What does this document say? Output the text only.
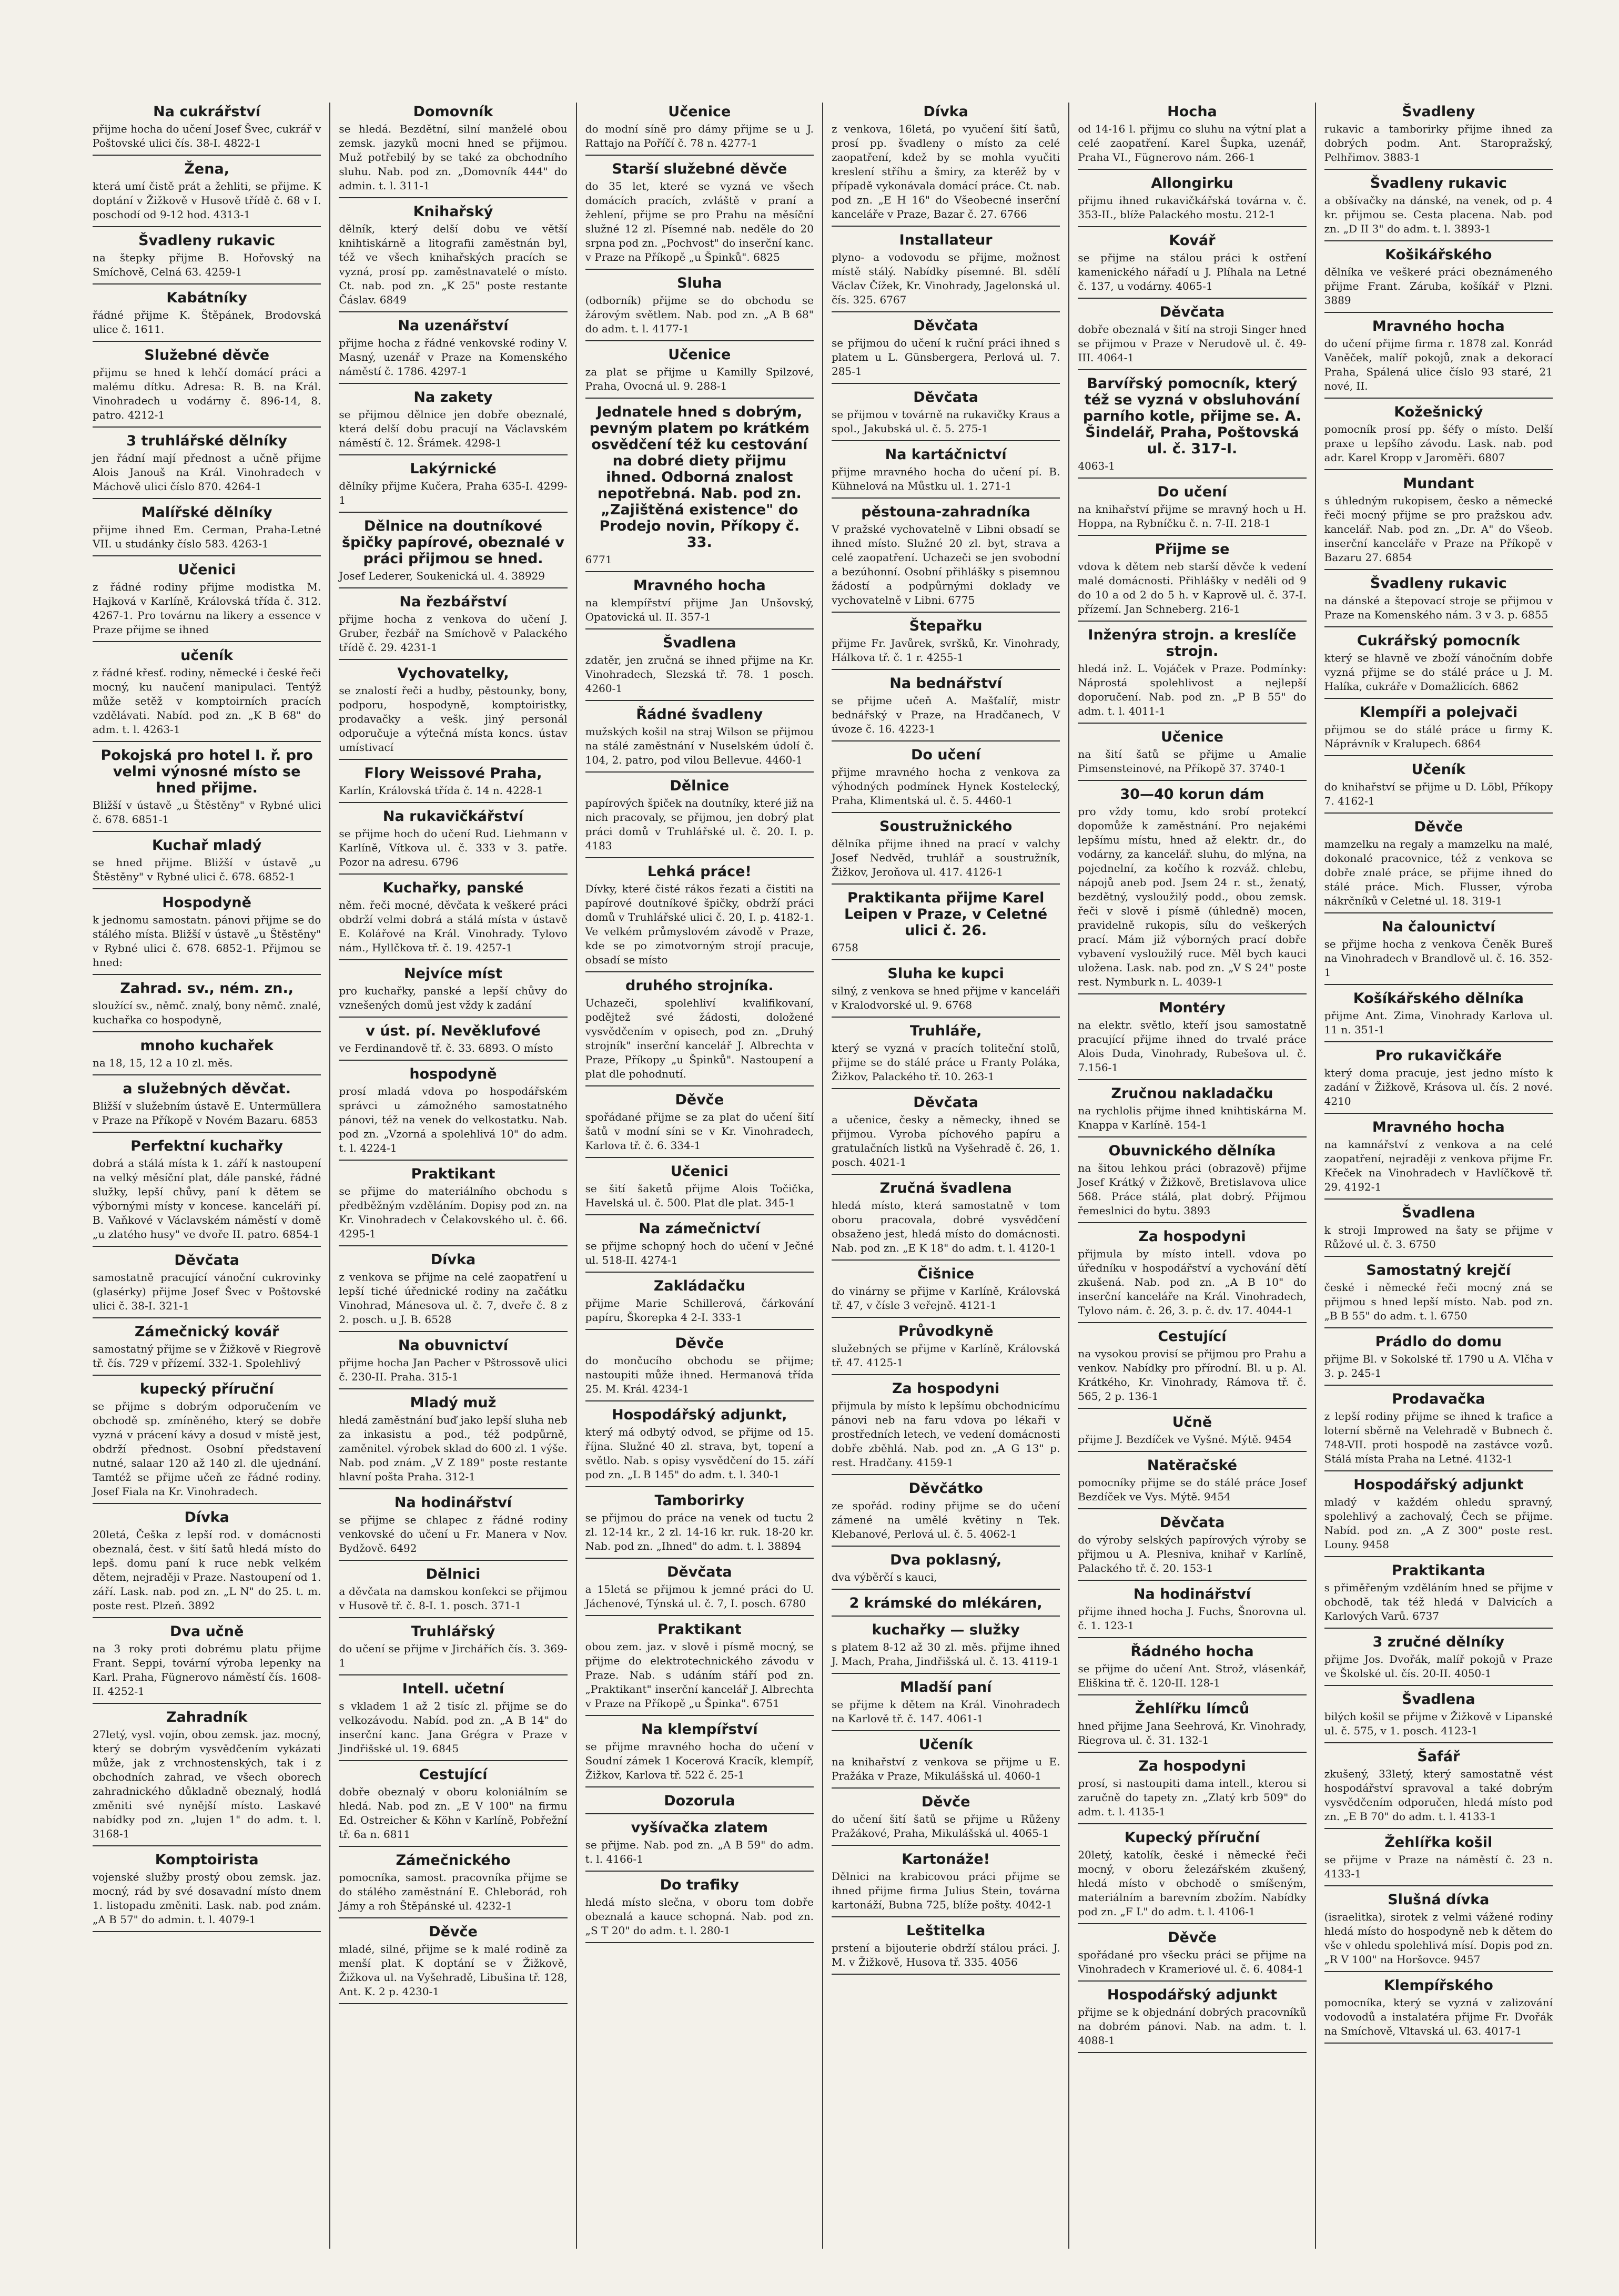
Na cukrářství

přijme hocha do učení Josef Švec, cukrář v Poštovské ulici čís. 38-I. 4822-1

Žena,

která umí čistě prát a žehliti, se přijme. K doptání v Žižkově v Husově třídě č. 68 v I. poschodí od 9-12 hod. 4313-1

Švadleny rukavic

na štepky přijme B. Hořovský na Smíchově, Celná 63. 4259-1

Kabátníky

řádné přijme K. Štěpánek, Brodovská ulice č. 1611.

Služebné děvče

přijmu se hned k lehčí domácí práci a malému dítku. Adresa: R. B. na Král. Vinohradech u vodárny č. 896-14, 8. patro. 4212-1

3 truhlářské dělníky

jen řádní mají přednost a učně přijme Alois Janouš na Král. Vinohradech v Máchově ulici číslo 870. 4264-1

Malířské dělníky

přijme ihned Em. Cerman, Praha-Letné VII. u studánky číslo 583. 4263-1

Učenici

z řádné rodiny přijme modistka M. Hajková v Karlíně, Královská třída č. 312. 4267-1. Pro továrnu na likery a essence v Praze přijme se ihned

učeník

z řádné křesť. rodiny, německé i české řeči mocný, ku naučení manipulaci. Tentýž může setěž v komptoirních pracích vzdělávati. Nabíd. pod zn. „K B 68" do adm. t. l. 4263-1

Pokojská pro hotel I. ř. pro velmi výnosné místo se hned přijme.

Bližší v ústavě „u Štěstěny" v Rybné ulici č. 678. 6851-1

Kuchař mladý

se hned přijme. Bližší v ústavě „u Štěstěny" v Rybné ulici č. 678. 6852-1

Hospodyně

k jednomu samostatn. pánovi přijme se do stálého místa. Bližší v ústavě „u Štěstěny" v Rybné ulici č. 678. 6852-1. Přijmou se hned:

Zahrad. sv., ném. zn.,

sloužící sv., němč. znalý, bony němč. znalé, kuchařka co hospodyně,

mnoho kuchařek

na 18, 15, 12 a 10 zl. měs.

a služebných děvčat.

Bližší v služebním ústavě E. Untermüllera v Praze na Příkopě v Novém Bazaru. 6853

Perfektní kuchařky

dobrá a stálá místa k 1. září k nastoupení na velký měsíční plat, dále panské, řádné služky, lepší chůvy, paní k dětem se výbornými místy v koncese. kanceláři pí. B. Vaňkové v Václavském náměstí v domě „u zlatého husy" ve dvoře II. patro. 6854-1

Děvčata

samostatně pracující vánoční cukrovinky (glasérky) přijme Josef Švec v Poštovské ulici č. 38-I. 321-1

Zámečnický kovář

samostatný přijme se v Žižkově v Riegrově tř. čís. 729 v přízemí. 332-1. Spolehlivý

kupecký příruční

se přijme s dobrým odporučením ve obchodě sp. zmíněného, který se dobře vyzná v prácení kávy a dosud v místě jest, obdrží přednost. Osobní představení nutné, salaar 120 až 140 zl. dle ujednání. Tamtéž se přijme učeň ze řádné rodiny. Josef Fiala na Kr. Vinohradech.

Dívka

20letá, Češka z lepší rod. v domácnosti obeznalá, čest. v šití šatů hledá místo do lepš. domu paní k ruce nebk velkém dětem, nejraději v Praze. Nastoupení od 1. září. Lask. nab. pod zn. „L N" do 25. t. m. poste rest. Plzeň. 3892

Dva učně

na 3 roky proti dobrému platu přijme Frant. Seppi, tovární výroba lepenky na Karl. Praha, Fügnerovo náměstí čís. 1608-II. 4252-1

Zahradník

27letý, vysl. vojín, obou zemsk. jaz. mocný, který se dobrým vysvědčením vykázati může, jak z vrchnostenských, tak i z obchodních zahrad, ve všech oborech zahradnického důkladně obeznalý, hodlá změniti své nynější místo. Laskavé nabídky pod zn. „lujen 1" do adm. t. l. 3168-1

Komptoirista

vojenské služby prostý obou zemsk. jaz. mocný, rád by své dosavadní místo dnem 1. listopadu změniti. Lask. nab. pod znám. „A B 57" do admin. t. l. 4079-1

Domovník

se hledá. Bezdětní, silní manželé obou zemsk. jazyků mocni hned se přijmou. Muž potřebilý by se také za obchodního sluhu. Nab. pod zn. „Domovník 444" do admin. t. l. 311-1

Knihařský

dělník, který delší dobu ve větší knihtiskárně a litografii zaměstnán byl, též ve všech knihařských pracích se vyzná, prosí pp. zaměstnavatelé o místo. Ct. nab. pod zn. „K 25" poste restante Čáslav. 6849

Na uzenářství

přijme hocha z řádné venkovské rodiny V. Masný, uzenář v Praze na Komenského náměstí č. 1786. 4297-1

Na zakety

se přijmou dělnice jen dobře obeznalé, která delší dobu pracují na Václavském náměstí č. 12. Šrámek. 4298-1

Lakýrnické

dělníky přijme Kučera, Praha 635-I. 4299-1

Dělnice na doutníkové špičky papírové, obeznalé v práci přijmou se hned.

Josef Lederer, Soukenická ul. 4. 38929

Na řezbářství

přijme hocha z venkova do učení J. Gruber, řezbář na Smíchově v Palackého třídě č. 29. 4231-1

Vychovatelky,

se znalostí řeči a hudby, pěstounky, bony, podporu, hospodyně, komptoiristky, prodavačky a vešk. jiný personál odporučuje a výtečná místa koncs. ústav umístivací

Flory Weissové Praha,

Karlín, Královská třída č. 14 n. 4228-1

Na rukavičkářství

se přijme hoch do učení Rud. Liehmann v Karlíně, Vítkova ul. č. 333 v 3. patře. Pozor na adresu. 6796

Kuchařky, panské

něm. řeči mocné, děvčata k veškeré práci obdrží velmi dobrá a stálá místa v ústavě E. Kolářové na Král. Vinohrady. Tylovo nám., Hyllčkova tř. č. 19. 4257-1

Nejvíce míst

pro kuchařky, panské a lepší chůvy do vznešených domů jest vždy k zadání

v úst. pí. Nevěklufové

ve Ferdinandově tř. č. 33. 6893. O místo

hospodyně

prosí mladá vdova po hospodářském správci u zámožného samostatného pánovi, též na venek do velkostatku. Nab. pod zn. „Vzorná a spolehlivá 10" do adm. t. l. 4224-1

Praktikant

se přijme do materiálního obchodu s předběžným vzděláním. Dopisy pod zn. na Kr. Vinohradech v Čelakovského ul. č. 66. 4295-1

Dívka

z venkova se přijme na celé zaopatření u lepší tiché úřednické rodiny na začátku Vinohrad, Mánesova ul. č. 7, dveře č. 8 z 2. posch. u J. B. 6528

Na obuvnictví

přijme hocha Jan Pacher v Pštrossově ulici č. 230-II. Praha. 315-1

Mladý muž

hledá zaměstnání buď jako lepší sluha neb za inkasistu a pod., též podpůrně, zaměnitel. výrobek sklad do 600 zl. 1 výše. Nab. pod znám. „V Z 189" poste restante hlavní pošta Praha. 312-1

Na hodinářství

se přijme se chlapec z řádné rodiny venkovské do učení u Fr. Manera v Nov. Bydžově. 6492

Dělnici

a děvčata na damskou konfekci se přijmou v Husově tř. č. 8-I. 1. posch. 371-1

Truhlářský

do učení se přijme v Jirchářích čís. 3. 369-1

Intell. učetní

s vkladem 1 až 2 tisíc zl. přijme se do velkozávodu. Nabíd. pod zn. „A B 14" do inserční kanc. Jana Grégra v Praze v Jindřišské ul. 19. 6845

Cestující

dobře obeznalý v oboru koloniálním se hledá. Nab. pod zn. „E V 100" na firmu Ed. Ostreicher & Köhn v Karlíně, Pobřežní tř. 6a n. 6811

Zámečnického

pomocníka, samost. pracovníka přijme se do stálého zaměstnání E. Chleborád, roh Jámy a roh Štěpánské ul. 4232-1

Děvče

mladé, silné, přijme se k malé rodině za menší plat. K doptání se v Žižkově, Žižkova ul. na Vyšehradě, Libušina tř. 128, Ant. K. 2 p. 4230-1

Učenice

do modní síně pro dámy přijme se u J. Rattajo na Poříčí č. 78 n. 4277-1

Starší služebné děvče

do 35 let, které se vyzná ve všech domácích pracích, zvláště v praní a žehlení, přijme se pro Prahu na měsíční služné 12 zl. Písemné nab. neděle do 20 srpna pod zn. „Pochvost" do inserční kanc. v Praze na Příkopě „u Špinků". 6825

Sluha

(odborník) přijme se do obchodu se žárovým světlem. Nab. pod zn. „A B 68" do adm. t. l. 4177-1

Učenice

za plat se přijme u Kamilly Spilzové, Praha, Ovocná ul. 9. 288-1

Jednatele hned s dobrým, pevným platem po krátkém osvědčení též ku cestování na dobré diety přijmu ihned. Odborná znalost nepotřebná. Nab. pod zn. „Zajištěná existence" do Prodejo novin, Příkopy č. 33.

6771

Mravného hocha

na klempířství přijme Jan Unšovský, Opatovická ul. II. 357-1

Švadlena

zdatěr, jen zručná se ihned přijme na Kr. Vinohradech, Slezská tř. 78. 1 posch. 4260-1

Řádné švadleny

mužských košil na straj Wilson se přijmou na stálé zaměstnání v Nuselském údolí č. 104, 2. patro, pod vilou Bellevue. 4460-1

Dělnice

papírových špiček na doutníky, které již na nich pracovaly, se přijmou, jen dobrý plat práci domů v Truhlářské ul. č. 20. I. p. 4183

Lehká práce!

Dívky, které čisté rákos řezati a čistiti na papírové doutníkové špičky, obdrží práci domů v Truhlářské ulici č. 20, I. p. 4182-1. Ve velkém průmyslovém závodě v Praze, kde se po zimotvorným strojí pracuje, obsadí se místo

druhého strojníka.

Uchazeči, spolehliví kvalifikovaní, podějtež své žádosti, doložené vysvědčením v opisech, pod zn. „Druhý strojník" inserční kancelář J. Albrechta v Praze, Příkopy „u Špinků". Nastoupení a plat dle pohodnutí.

Děvče

spořádané přijme se za plat do učení šití šatů v modní síni se v Kr. Vinohradech, Karlova tř. č. 6. 334-1

Učenici

se šití šaketů přijme Alois Točička, Havelská ul. č. 500. Plat dle plat. 345-1

Na zámečnictví

se přijme schopný hoch do učení v Ječné ul. 518-II. 4274-1

Zakládačku

přijme Marie Schillerová, čárkování papíru, Škorepka 4 2-I. 333-1

Děvče

do mončucího obchodu se přijme; nastoupiti může ihned. Hermanová třída 25. M. Král. 4234-1

Hospodářský adjunkt,

který má odbytý odvod, se přijme od 15. října. Služné 40 zl. strava, byt, topení a světlo. Nab. s opisy vysvědčení do 15. září pod zn. „L B 145" do adm. t. l. 340-1

Tamborirky

se přijmou do práce na venek od tuctu 2 zl. 12-14 kr., 2 zl. 14-16 kr. ruk. 18-20 kr. Nab. pod zn. „Ihned" do adm. t. l. 38894

Děvčata

a 15letá se přijmou k jemné práci do U. Jáchenové, Týnská ul. č. 7, I. posch. 6780

Praktikant

obou zem. jaz. v slově i písmě mocný, se přijme do elektrotechnického závodu v Praze. Nab. s udáním stáří pod zn. „Praktikant" inserční kancelář J. Albrechta v Praze na Příkopě „u Špinka". 6751

Na klempířství

se přijme mravného hocha do učení v Soudní zámek 1 Kocerová Kracík, klempíř, Žižkov, Karlova tř. 522 č. 25-1

Dozorula

vyšívačka zlatem

se přijme. Nab. pod zn. „A B 59" do adm. t. l. 4166-1

Do trafiky

hledá místo slečna, v oboru tom dobře obeznalá a kauce schopná. Nab. pod zn. „S T 20" do adm. t. l. 280-1

Dívka

z venkova, 16letá, po vyučení šití šatů, prosí pp. švadleny o místo za celé zaopatření, kdež by se mohla vyučiti kreslení stříhu a šmiry, za kterěž by v případě vykonávala domácí práce. Ct. nab. pod zn. „E H 16" do Všeobecné inserční kanceláře v Praze, Bazar č. 27. 6766

Installateur

plyno- a vodovodu se přijme, možnost místě stálý. Nabídky písemné. Bl. sdělí Václav Čížek, Kr. Vinohrady, Jagelonská ul. čís. 325. 6767

Děvčata

se přijmou do učení k ruční práci ihned s platem u L. Günsbergera, Perlová ul. 7. 285-1

Děvčata

se přijmou v továrně na rukavičky Kraus a spol., Jakubská ul. č. 5. 275-1

Na kartáčnictví

přijme mravného hocha do učení pí. B. Kühnelová na Můstku ul. 1. 271-1

pěstouna-zahradníka

V pražské vychovatelně v Libni obsadí se ihned místo. Služné 20 zl. byt, strava a celé zaopatření. Uchazeči se jen svobodní a bezúhonní. Osobní přihlášky s pisemnou žádostí a podpůrnými doklady ve vychovatelně v Libni. 6775

Štepařku

přijme Fr. Javůrek, svršků, Kr. Vinohrady, Hálkova tř. č. 1 r. 4255-1

Na bednářství

se přijme učeň A. Mašťalíř, mistr bednářský v Praze, na Hradčanech, V úvoze č. 16. 4223-1

Do učení

přijme mravného hocha z venkova za výhodných podmínek Hynek Kostelecký, Praha, Klimentská ul. č. 5. 4460-1

Soustružnického

dělníka přijme ihned na prací v valchy Josef Nedvěd, truhlář a soustružník, Žižkov, Jeroňova ul. 417. 4126-1

Praktikanta přijme Karel Leipen v Praze, v Celetné ulici č. 26.

6758

Sluha ke kupci

silný, z venkova se hned přijme v kanceláři v Kralodvorské ul. 9. 6768

Truhláře,

který se vyzná v pracích toliteční stolů, přijme se do stálé práce u Franty Poláka, Žižkov, Palackého tř. 10. 263-1

Děvčata

a učenice, česky a německy, ihned se přijmou. Vyroba píchového papíru a gratulačních listků na Vyšehradě č. 26, 1. posch. 4021-1

Zručná švadlena

hledá místo, která samostatně v tom oboru pracovala, dobré vysvědčení obsaženo jest, hledá místo do domácnosti. Nab. pod zn. „E K 18" do adm. t. l. 4120-1

Čišnice

do vinárny se přijme v Karlíně, Královská tř. 47, v čísle 3 veřejně. 4121-1

Průvodkyně

služebných se přijme v Karlíně, Královská tř. 47. 4125-1

Za hospodyni

přijmula by místo k lepšímu obchodnicímu pánovi neb na faru vdova po lékaři v prostředních letech, ve vedení domácnosti dobře zběhlá. Nab. pod zn. „A G 13" p. rest. Hradčany. 4159-1

Děvčátko

ze spořád. rodiny přijme se do učení zámené na umělé květiny n Tek. Klebanové, Perlová ul. č. 5. 4062-1

Dva poklasný,

dva výběrčí s kauci,

2 krámské do mlékáren,

kuchařky — služky

s platem 8-12 až 30 zl. měs. přijme ihned J. Mach, Praha, Jindřišská ul. č. 13. 4119-1

Mladší paní

se přijme k dětem na Král. Vinohradech na Karlově tř. č. 147. 4061-1

Učeník

na knihařství z venkova se přijme u E. Pražáka v Praze, Mikulášská ul. 4060-1

Děvče

do učení šití šatů se přijme u Růženy Pražákové, Praha, Mikulášská ul. 4065-1

Kartonáže!

Dělnici na krabicovou práci přijme se ihned přijme firma Julius Stein, továrna kartonáží, Bubna 725, blíže pošty. 4042-1

Leštitelka

prstení a bijouterie obdrží stálou práci. J. M. v Žižkově, Husova tř. 335. 4056

Hocha

od 14-16 l. přijmu co sluhu na výtní plat a celé zaopatření. Karel Šupka, uzenář, Praha VI., Fügnerovo nám. 266-1

Allongirku

přijmu ihned rukavičkářská továrna v. č. 353-II., blíže Palackého mostu. 212-1

Kovář

se přijme na stálou práci k ostření kamenického nářadí u J. Plíhala na Letné č. 137, u vodárny. 4065-1

Děvčata

dobře obeznalá v šití na stroji Singer hned se přijmou v Praze v Nerudově ul. č. 49-III. 4064-1

Barvířský pomocník, který též se vyzná v obsluhování parního kotle, přijme se. A. Šindelář, Praha, Poštovská ul. č. 317-I.

4063-1

Do učení

na knihařství přijme se mravný hoch u H. Hoppa, na Rybníčku č. n. 7-II. 218-1

Přijme se

vdova k dětem neb starší děvče k vedení malé domácnosti. Přihlášky v neděli od 9 do 10 a od 2 do 5 h. v Kaprově ul. č. 37-I. přízemí. Jan Schneberg. 216-1

Inženýra strojn. a kreslíče strojn.

hledá inž. L. Vojáček v Praze. Podmínky: Náprostá spolehlivost a nejlepší doporučení. Nab. pod zn. „P B 55" do adm. t. l. 4011-1

Učenice

na šití šatů se přijme u Amalie Pimsensteinové, na Příkopě 37. 3740-1

30—40 korun dám

pro vždy tomu, kdo srobí protekcí dopomůže k zaměstnání. Pro nejakémi lepšímu místu, hned až elektr. dr., do vodárny, za kancelář. sluhu, do mlýna, na pojednelní, za kočího k rozváž. chlebu, nápojů aneb pod. Jsem 24 r. st., ženatý, bezdětný, vysloužilý podd., obou zemsk. řeči v slově i písmě (úhledně) mocen, pravidelně rukopis, sílu do veškerých prací. Mám již výborných prací dobře vybavení vysloužilý ruce. Měl bych kauci uložena. Lask. nab. pod zn. „V S 24" poste rest. Nymburk n. L. 4039-1

Montéry

na elektr. světlo, kteří jsou samostatně pracující přijme ihned do trvalé práce Alois Duda, Vinohrady, Rubešova ul. č. 7.156-1

Zručnou nakladačku

na rychlolis přijme ihned knihtiskárna M. Knappa v Karlíně. 154-1

Obuvnického dělníka

na šitou lehkou práci (obrazově) přijme Josef Krátký v Žižkově, Bretislavova ulice 568. Práce stálá, plat dobrý. Přijmou řemeslnici do bytu. 3893

Za hospodyni

přijmula by místo intell. vdova po úředníku v hospodářství a vychování dětí zkušená. Nab. pod zn. „A B 10" do inserční kanceláře na Král. Vinohradech, Tylovo nám. č. 26, 3. p. č. dv. 17. 4044-1

Cestující

na vysokou provisí se přijmou pro Prahu a venkov. Nabídky pro přírodní. Bl. u p. Al. Krátkého, Kr. Vinohrady, Rámova tř. č. 565, 2 p. 136-1

Učně

přijme J. Bezdíček ve Vyšné. Mýtě. 9454

Natěračské

pomocníky přijme se do stálé práce Josef Bezdíček ve Vys. Mýtě. 9454

Děvčata

do výroby selských papírových výroby se přijmou u A. Plesniva, knihař v Karlíně, Palackého tř. č. 20. 153-1

Na hodinářství

přijme ihned hocha J. Fuchs, Šnorovna ul. č. 1. 123-1

Řádného hocha

se přijme do učení Ant. Strož, vlásenkář, Eliškina tř. č. 120-II. 128-1

Žehlířku límců

hned přijme Jana Seehrová, Kr. Vinohrady, Riegrova ul. č. 31. 132-1

Za hospodyni

prosí, si nastoupiti dama intell., kterou si zaručně do tapety zn. „Zlatý krb 509" do adm. t. l. 4135-1

Kupecký příruční

20letý, katolík, české i německé řeči mocný, v oboru železářském zkušený, hledá místo v obchodě o smíšeným, materiálním a barevním zbožím. Nabídky pod zn. „F L" do adm. t. l. 4106-1

Děvče

spořádané pro všecku práci se přijme na Vinohradech v Krameriové ul. č. 6. 4084-1

Hospodářský adjunkt

přijme se k objednání dobrých pracovníků na dobrém pánovi. Nab. na adm. t. l. 4088-1

Švadleny

rukavic a tamborirky přijme ihned za dobrých podm. Ant. Staropražský, Pelhřimov. 3883-1

Švadleny rukavic

a obšívačky na dánské, na venek, od p. 4 kr. přijmou se. Cesta placena. Nab. pod zn. „D II 3" do adm. t. l. 3893-1

Košikářského

dělníka ve veškeré práci obeznámeného přijme Frant. Záruba, košíkář v Plzni. 3889

Mravného hocha

do učení přijme firma r. 1878 zal. Konrád Vaněček, malíř pokojů, znak a dekorací Praha, Spálená ulice číslo 93 staré, 21 nové, II.

Kožešnický

pomocník prosí pp. šéfy o místo. Delší praxe u lepšího závodu. Lask. nab. pod adr. Karel Kropp v Jaroměři. 6807

Mundant

s úhledným rukopisem, česko a německé řeči mocný přijme se pro pražskou adv. kancelář. Nab. pod zn. „Dr. A" do Všeob. inserční kanceláře v Praze na Příkopě v Bazaru 27. 6854

Švadleny rukavic

na dánské a štepovací stroje se přijmou v Praze na Komenského nám. 3 v 3. p. 6855

Cukrářský pomocník

který se hlavně ve zboží vánočním dobře vyzná přijme se do stálé práce u J. M. Halíka, cukráře v Domažlicích. 6862

Klempíři a polejvači

přijmou se do stálé práce u firmy K. Náprávník v Kralupech. 6864

Učeník

do knihařství se přijme u D. Löbl, Příkopy 7. 4162-1

Děvče

mamzelku na regaly a mamzelku na malé, dokonalé pracovnice, též z venkova se dobře znalé práce, se přijme ihned do stálé práce. Mich. Flusser, výroba nákrčníků v Celetné ul. 18. 319-1

Na čalounictví

se přijme hocha z venkova Čeněk Bureš na Vinohradech v Brandlově ul. č. 16. 352-1

Košíkářského dělníka

přijme Ant. Zima, Vinohrady Karlova ul. 11 n. 351-1

Pro rukavičkáře

který doma pracuje, jest jedno místo k zadání v Žižkově, Krásova ul. čís. 2 nové. 4210

Mravného hocha

na kamnářství z venkova a na celé zaopatření, nejraději z venkova přijme Fr. Křeček na Vinohradech v Havlíčkově tř. 29. 4192-1

Švadlena

k stroji Improwed na šaty se přijme v Růžové ul. č. 3. 6750

Samostatný krejčí

české i německé řeči mocný zná se přijmou s hned lepší místo. Nab. pod zn. „B B 55" do adm. t. l. 6750

Prádlo do domu

přijme Bl. v Sokolské tř. 1790 u A. Vlčha v 3. p. 245-1

Prodavačka

z lepší rodiny přijme se ihned k trafice a loterní sběrně na Velehradě v Bubnech č. 748-VII. proti hospodě na zastávce vozů. Stálá místa Praha na Letné. 4132-1

Hospodářský adjunkt

mladý v každém ohledu spravný, spolehlivý a zachovalý, Čech se přijme. Nabíd. pod zn. „A Z 300" poste rest. Louny. 9458

Praktikanta

s přiměřeným vzděláním hned se přijme v obchodě, tak též hledá v Dalvicích a Karlových Varů. 6737

3 zručné dělníky

přijme Jos. Dvořák, malíř pokojů v Praze ve Školské ul. čís. 20-II. 4050-1

Švadlena

bilých košil se přijme v Žižkově v Lipanské ul. č. 575, v 1. posch. 4123-1

Šafář

zkušený, 33letý, který samostatně vést hospodářství spravoval a také dobrým vysvědčením odporučen, hledá místo pod zn. „E B 70" do adm. t. l. 4133-1

Žehlířka košil

se přijme v Praze na náměstí č. 23 n. 4133-1

Slušná dívka

(israelitka), sirotek z velmi vážené rodiny hledá místo do hospodyně neb k dětem do vše v ohledu spolehlivá mísí. Dopis pod zn. „R V 100" na Horšovce. 9457

Klempířského

pomocníka, který se vyzná v zalizování vodovodů a instalatéra přijme Fr. Dvořák na Smíchově, Vltavská ul. 63. 4017-1
